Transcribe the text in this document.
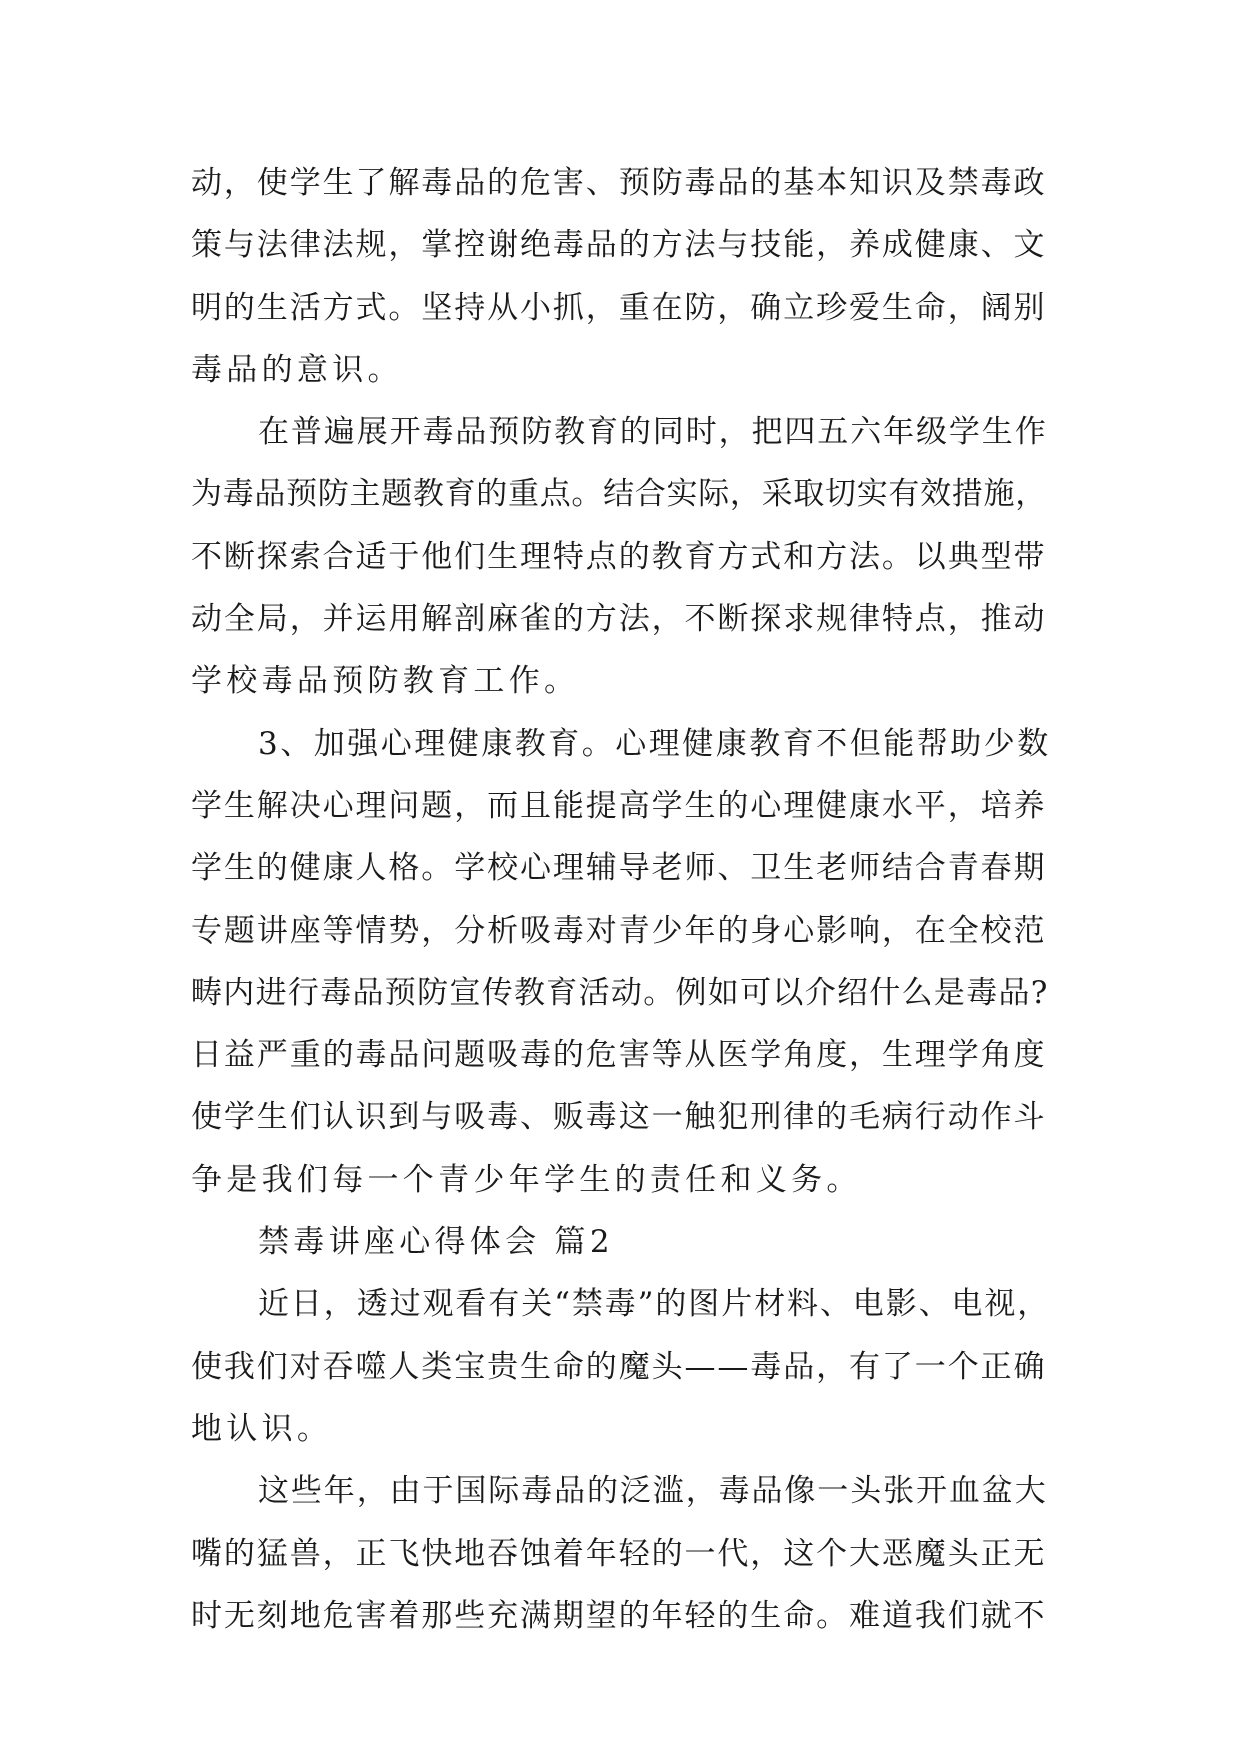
动，使学生了解毒品的危害、预防毒品的基本知识及禁毒政
策与法律法规，掌控谢绝毒品的方法与技能，养成健康、文
明的生活方式。坚持从小抓，重在防，确立珍爱生命，阔别
毒品的意识。
在普遍展开毒品预防教育的同时，把四五六年级学生作
为毒品预防主题教育的重点。结合实际，采取切实有效措施，
不断探索合适于他们生理特点的教育方式和方法。以典型带
动全局，并运用解剖麻雀的方法，不断探求规律特点，推动
学校毒品预防教育工作。
3、加强心理健康教育。心理健康教育不但能帮助少数
学生解决心理问题，而且能提高学生的心理健康水平，培养
学生的健康人格。学校心理辅导老师、卫生老师结合青春期
专题讲座等情势，分析吸毒对青少年的身心影响，在全校范
畴内进行毒品预防宣传教育活动。例如可以介绍什么是毒品?
日益严重的毒品问题吸毒的危害等从医学角度，生理学角度
使学生们认识到与吸毒、贩毒这一触犯刑律的毛病行动作斗
争是我们每一个青少年学生的责任和义务。
禁毒讲座心得体会 篇2
近日，透过观看有关“禁毒”的图片材料、电影、电视，
使我们对吞噬人类宝贵生命的魔头——毒品，有了一个正确
地认识。
这些年，由于国际毒品的泛滥，毒品像一头张开血盆大
嘴的猛兽，正飞快地吞蚀着年轻的一代，这个大恶魔头正无
时无刻地危害着那些充满期望的年轻的生命。难道我们就不
